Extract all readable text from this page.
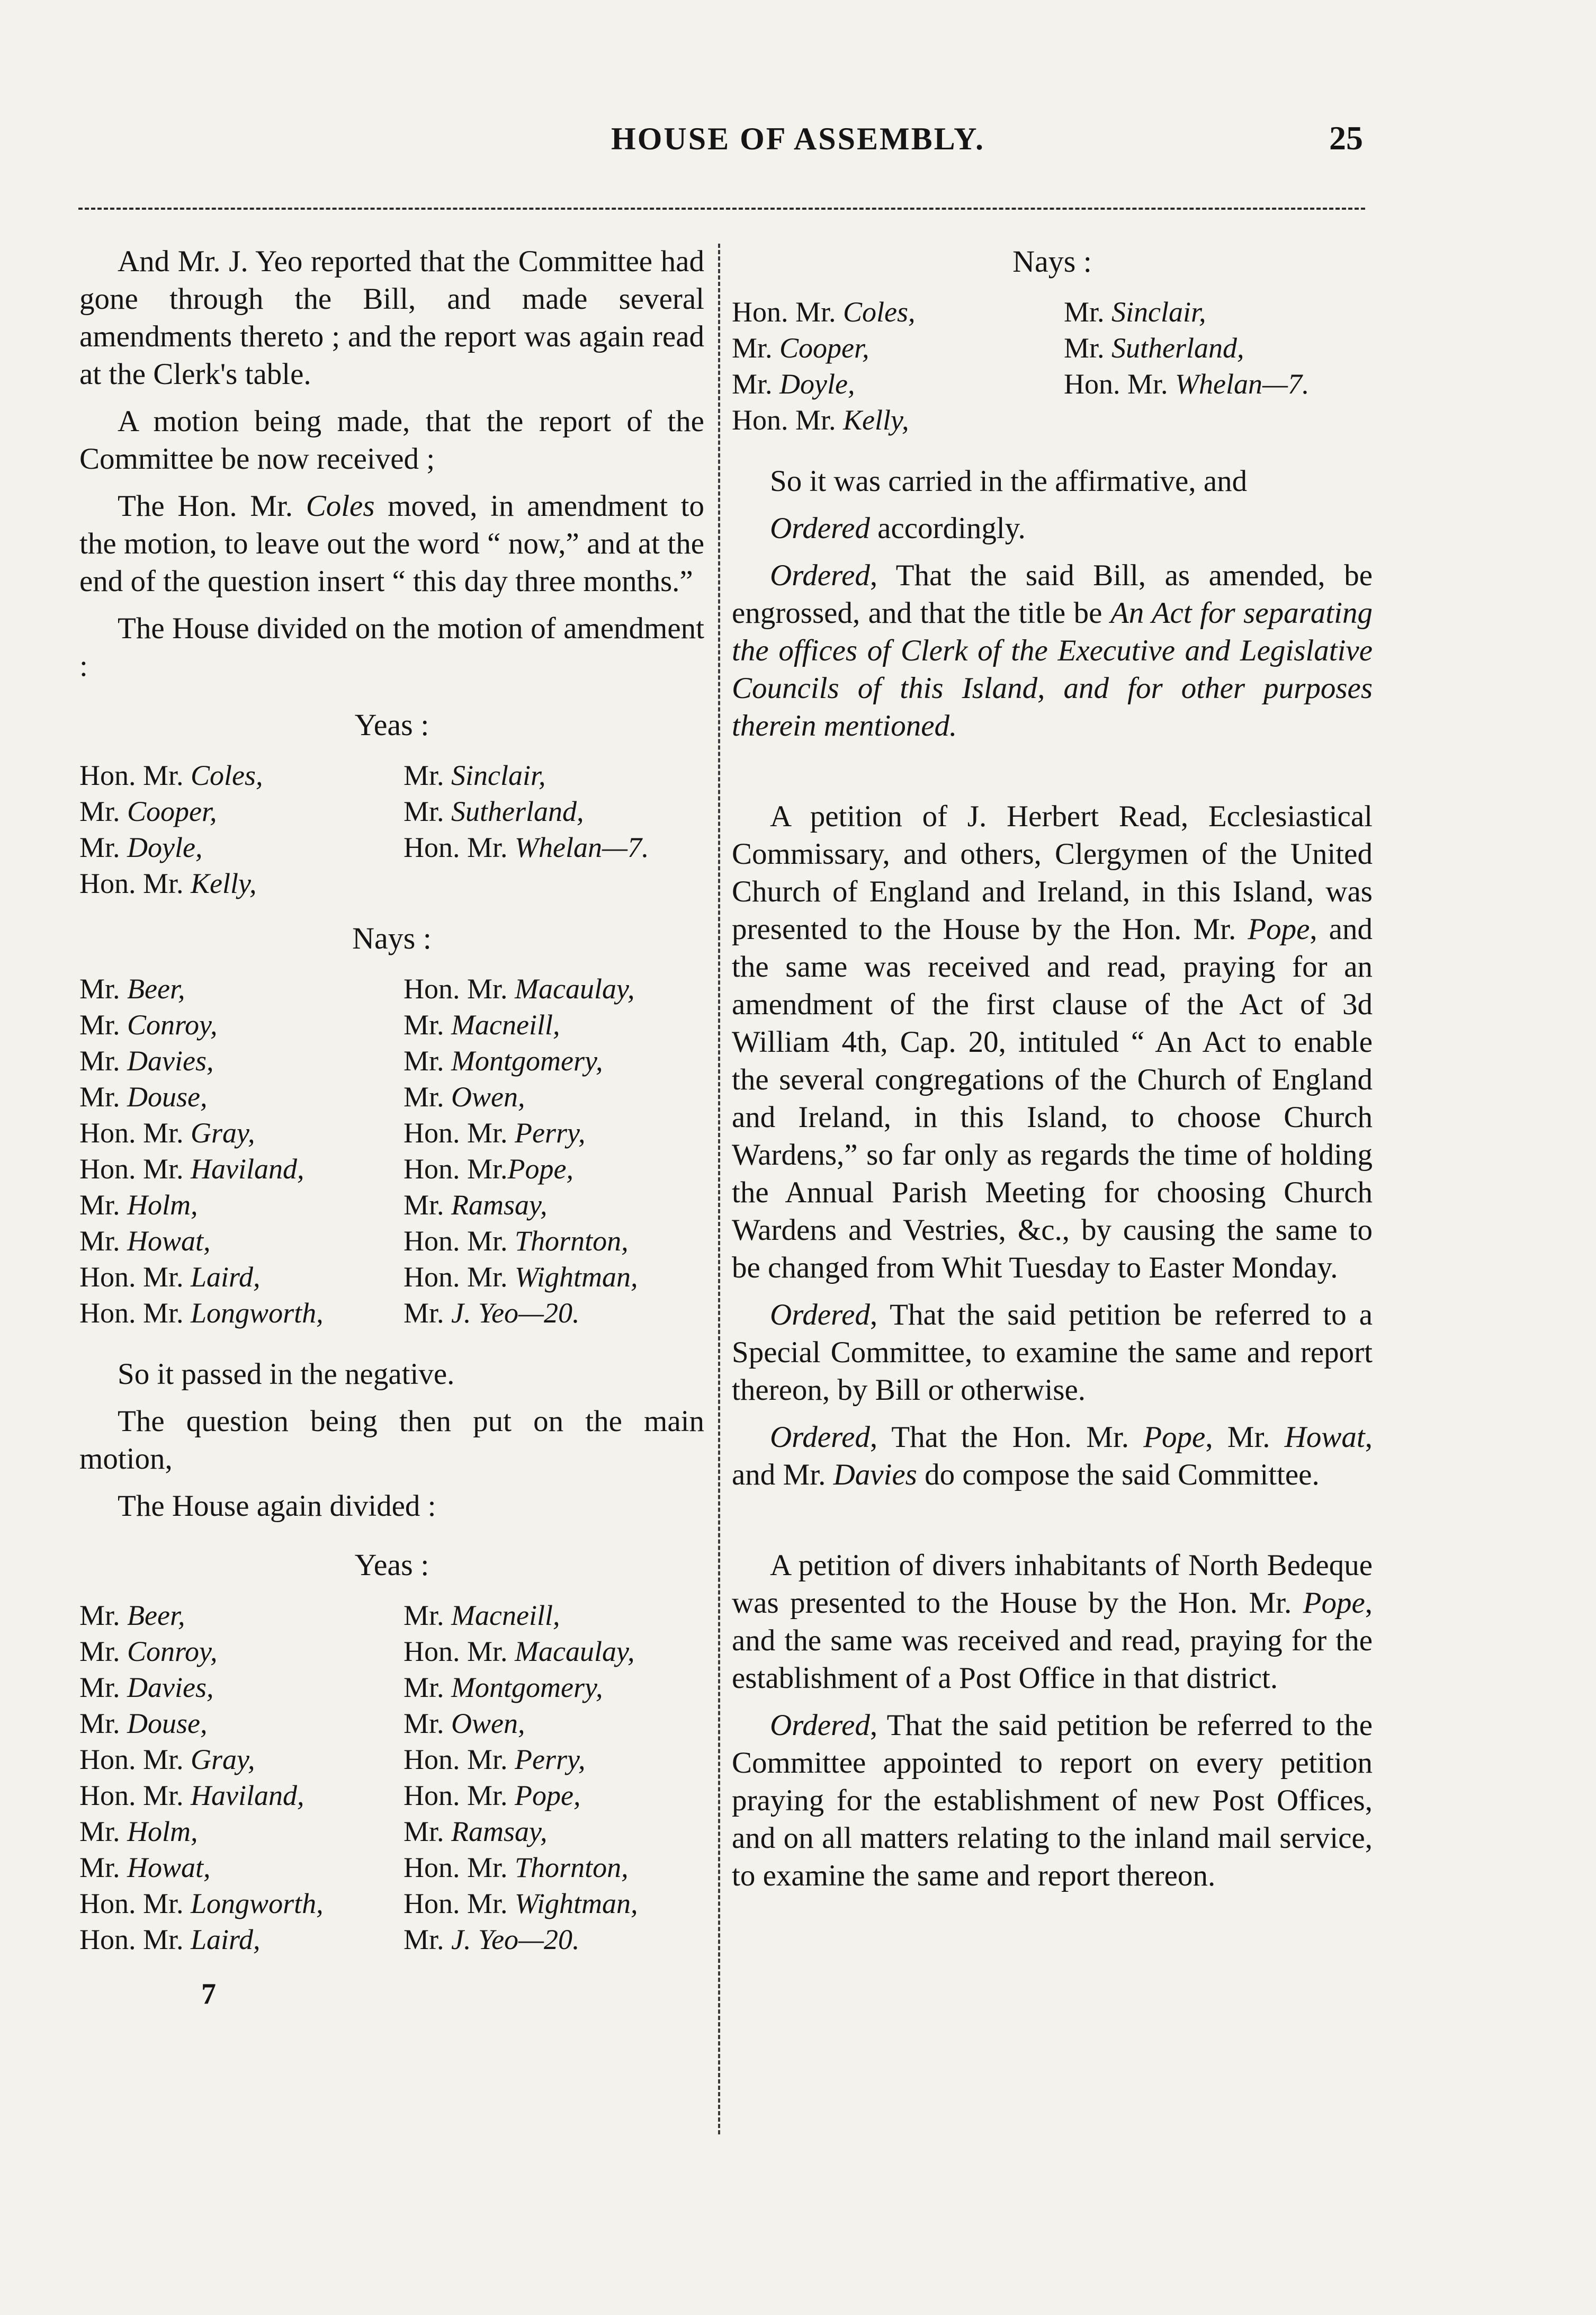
HOUSE OF ASSEMBLY.	25

And Mr. J. Yeo reported that the Committee had gone through the Bill, and made several amendments thereto ; and the report was again read at the Clerk's table.

A motion being made, that the report of the Committee be now received ;

The Hon. Mr. Coles moved, in amendment to the motion, to leave out the word “ now,” and at the end of the question insert “ this day three months.”

The House divided on the motion of amendment :

Yeas :
Hon. Mr. Coles,	Mr. Sinclair,
Mr. Cooper,	Mr. Sutherland,
Mr. Doyle,	Hon. Mr. Whelan—7.
Hon. Mr. Kelly,
Nays :
Mr. Beer,	Hon. Mr. Macaulay,
Mr. Conroy,	Mr. Macneill,
Mr. Davies,	Mr. Montgomery,
Mr. Douse,	Mr. Owen,
Hon. Mr. Gray,	Hon. Mr. Perry,
Hon. Mr. Haviland,	Hon. Mr.Pope,
Mr. Holm,	Mr. Ramsay,
Mr. Howat,	Hon. Mr. Thornton,
Hon. Mr. Laird,	Hon. Mr. Wightman,
Hon. Mr. Longworth,	Mr. J. Yeo—20.

So it passed in the negative.

The question being then put on the main motion,

The House again divided :

Yeas :
Mr. Beer,	Mr. Macneill,
Mr. Conroy,	Hon. Mr. Macaulay,
Mr. Davies,	Mr. Montgomery,
Mr. Douse,	Mr. Owen,
Hon. Mr. Gray,	Hon. Mr. Perry,
Hon. Mr. Haviland,	Hon. Mr. Pope,
Mr. Holm,	Mr. Ramsay,
Mr. Howat,	Hon. Mr. Thornton,
Hon. Mr. Longworth,	Hon. Mr. Wightman,
Hon. Mr. Laird,	Mr. J. Yeo—20.
7
Nays :
Hon. Mr. Coles,	Mr. Sinclair,
Mr. Cooper,	Mr. Sutherland,
Mr. Doyle,	Hon. Mr. Whelan—7.
Hon. Mr. Kelly,

So it was carried in the affirmative, and

Ordered accordingly.

Ordered, That the said Bill, as amended, be engrossed, and that the title be An Act for separating the offices of Clerk of the Executive and Legislative Councils of this Island, and for other purposes therein mentioned.

A petition of J. Herbert Read, Ecclesiastical Commissary, and others, Clergymen of the United Church of England and Ireland, in this Island, was presented to the House by the Hon. Mr. Pope, and the same was received and read, praying for an amendment of the first clause of the Act of 3d William 4th, Cap. 20, intituled “ An Act to enable the several congregations of the Church of England and Ireland, in this Island, to choose Church Wardens,” so far only as regards the time of holding the Annual Parish Meeting for choosing Church Wardens and Vestries, &c., by causing the same to be changed from Whit Tuesday to Easter Monday.

Ordered, That the said petition be referred to a Special Committee, to examine the same and report thereon, by Bill or otherwise.

Ordered, That the Hon. Mr. Pope, Mr. Howat, and Mr. Davies do compose the said Committee.

A petition of divers inhabitants of North Bedeque was presented to the House by the Hon. Mr. Pope, and the same was received and read, praying for the establishment of a Post Office in that district.

Ordered, That the said petition be referred to the Committee appointed to report on every petition praying for the establishment of new Post Offices, and on all matters relating to the inland mail service, to examine the same and report thereon.
